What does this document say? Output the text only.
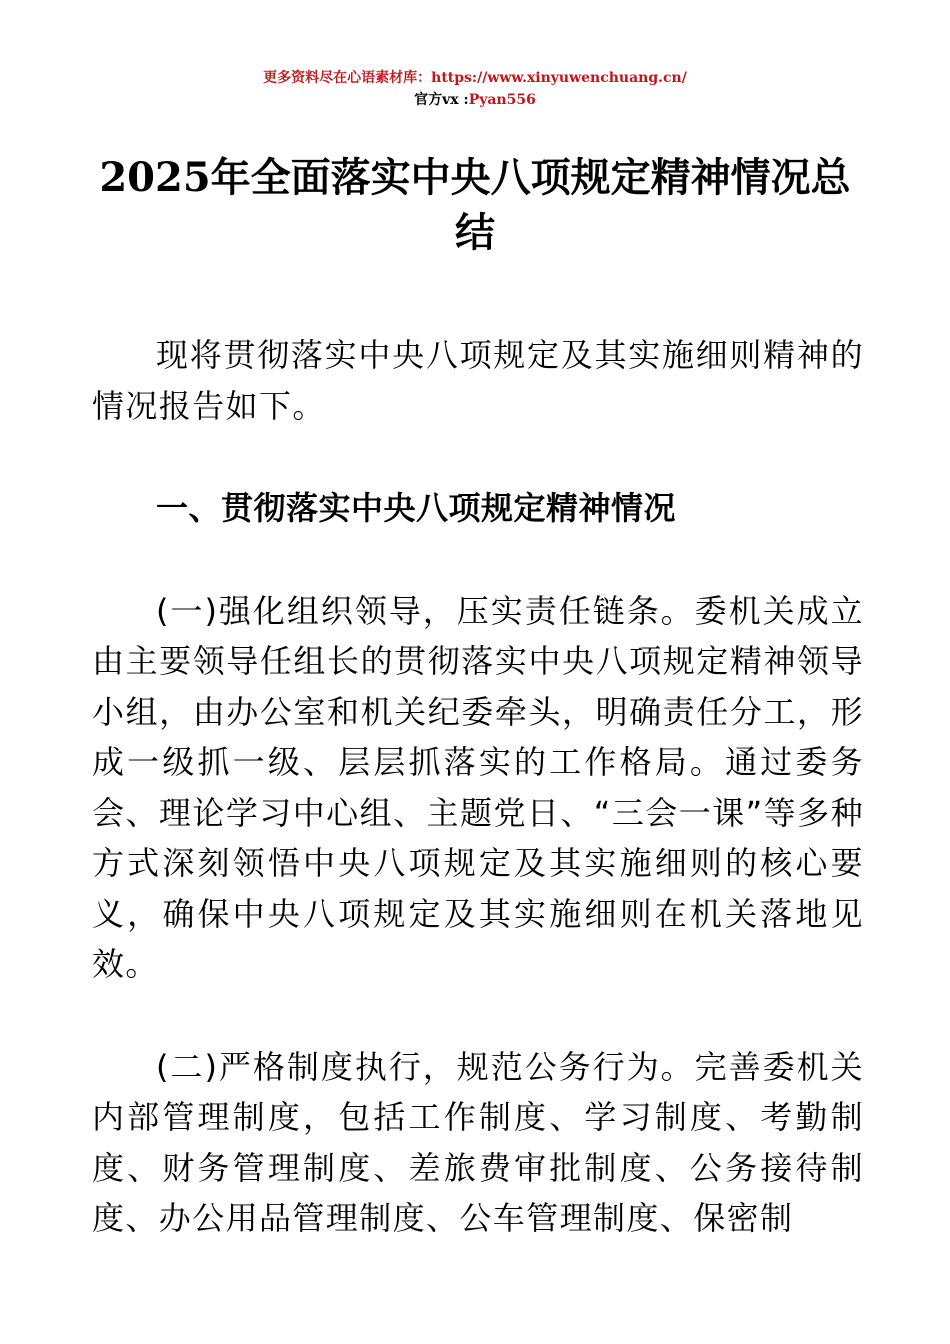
更多资料尽在心语素材库：https://www.xinyuwenchuang.cn/
官方vx :Pyan556
2025年全面落实中央八项规定精神情况总结

现将贯彻落实中央八项规定及其实施细则精神的情况报告如下。

一、贯彻落实中央八项规定精神情况

(一)强化组织领导，压实责任链条。委机关成立由主要领导任组长的贯彻落实中央八项规定精神领导小组，由办公室和机关纪委牵头，明确责任分工，形成一级抓一级、层层抓落实的工作格局。通过委务会、理论学习中心组、主题党日、“三会一课”等多种方式深刻领悟中央八项规定及其实施细则的核心要义，确保中央八项规定及其实施细则在机关落地见效。

(二)严格制度执行，规范公务行为。完善委机关内部管理制度，包括工作制度、学习制度、考勤制度、财务管理制度、差旅费审批制度、公务接待制度、办公用品管理制度、公车管理制度、保密制
